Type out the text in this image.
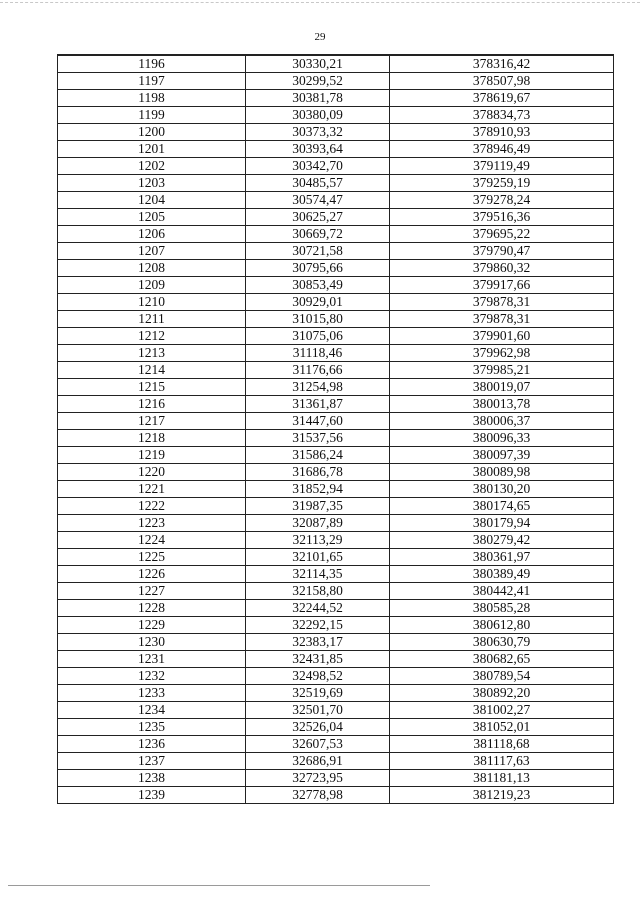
29
1196	30330,21	378316,42
1197	30299,52	378507,98
1198	30381,78	378619,67
1199	30380,09	378834,73
1200	30373,32	378910,93
1201	30393,64	378946,49
1202	30342,70	379119,49
1203	30485,57	379259,19
1204	30574,47	379278,24
1205	30625,27	379516,36
1206	30669,72	379695,22
1207	30721,58	379790,47
1208	30795,66	379860,32
1209	30853,49	379917,66
1210	30929,01	379878,31
1211	31015,80	379878,31
1212	31075,06	379901,60
1213	31118,46	379962,98
1214	31176,66	379985,21
1215	31254,98	380019,07
1216	31361,87	380013,78
1217	31447,60	380006,37
1218	31537,56	380096,33
1219	31586,24	380097,39
1220	31686,78	380089,98
1221	31852,94	380130,20
1222	31987,35	380174,65
1223	32087,89	380179,94
1224	32113,29	380279,42
1225	32101,65	380361,97
1226	32114,35	380389,49
1227	32158,80	380442,41
1228	32244,52	380585,28
1229	32292,15	380612,80
1230	32383,17	380630,79
1231	32431,85	380682,65
1232	32498,52	380789,54
1233	32519,69	380892,20
1234	32501,70	381002,27
1235	32526,04	381052,01
1236	32607,53	381118,68
1237	32686,91	381117,63
1238	32723,95	381181,13
1239	32778,98	381219,23
